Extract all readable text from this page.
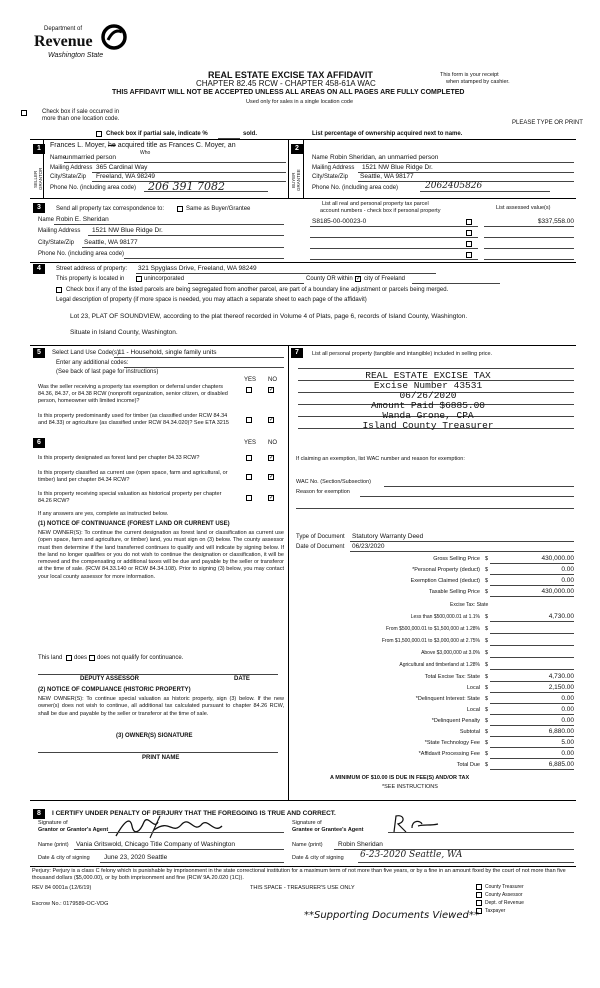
Department of
Revenue
Washington State
REAL ESTATE EXCISE TAX AFFIDAVIT
CHAPTER 82.45 RCW - CHAPTER 458-61A WAC
THIS AFFIDAVIT WILL NOT BE ACCEPTED UNLESS ALL AREAS ON ALL PAGES ARE FULLY COMPLETED
Used only for sales in a single location code
This form is your receipt
when stamped by cashier.
Check box if sale occurred in
more than one location code.
PLEASE TYPE OR PRINT
Check box if partial sale, indicate %	sold.	List percentage of ownership acquired next to name.
1
SELLER GRANTOR
Frances L. Moyer, he acquired title as Frances C. Moyer, an
Name
unmarried person
Who
Mailing Address 365 Cardinal Way
City/State/Zip Freeland, WA 98249
Phone No. (including area code) 206 391 7082
2
BUYER GRANTEE
Name Robin Sheridan, an unmarried person
Mailing Address 1521 NW Blue Ridge Dr.
City/State/Zip Seattle, WA 98177
Phone No. (including area code)	2062405826
3	Send all property tax correspondence to:	Same as Buyer/Grantee
Name Robin E. Sheridan
Mailing Address 1521 NW Blue Ridge Dr.
City/State/Zip Seattle, WA 98177
Phone No. (including area code)
List all real and personal property tax parcel
account numbers - check box if personal property	List assessed value(s)
S8185-00-00023-0	$337,558.00
4	Street address of property: 321 Spyglass Drive, Freeland, WA 98249
This property is located in	unincorporated	County OR within ✓ city of Freeland
Check box if any of the listed parcels are being segregated from another parcel, are part of a boundary line adjustment or parcels being merged.
Legal description of property (if more space is needed, you may attach a separate sheet to each page of the affidavit)
Lot 23, PLAT OF SOUNDVIEW, according to the plat thereof recorded in Volume 4 of Plats, page 6, records of Island County, Washington.
Situate in Island County, Washington.
5	Select Land Use Code(s):
11 - Household, single family units
Enter any additional codes:
(See back of last page for instructions)
YES NO
Was the seller receiving a property tax exemption or deferral under chapters 84.36, 84.37, or 84.38 RCW (nonprofit organization, senior citizen, or disabled person, homeowner with limited income)?
✓
Is this property predominantly used for timber (as classified under RCW 84.34 and 84.33) or agriculture (as classified under RCW 84.34.020)? See ETA 3215	✓
6	YES NO
Is this property designated as forest land per chapter 84.33 RCW?	✓
Is this property classified as current use (open space, farm and agricultural, or timber) land per chapter 84.34 RCW?	✓
Is this property receiving special valuation as historical property per chapter 84.26 RCW?	✓
If any answers are yes, complete as instructed below.
(1) NOTICE OF CONTINUANCE (FOREST LAND OR CURRENT USE)
NEW OWNER(S): To continue the current designation as forest land or classification as current use (open space, farm and agriculture, or timber) land, you must sign on (3) below. The county assessor must then determine if the land transferred continues to qualify and will indicate by signing below. If the land no longer qualifies or you do not wish to continue the designation or classification, it will be removed and the compensating or additional taxes will be due and payable by the seller or transferor at the time of sale. (RCW 84.33.140 or RCW 84.34.108). Prior to signing (3) below, you may contact your local county assessor for more information.
This land does does not qualify for continuance.
DEPUTY ASSESSOR	DATE
(2) NOTICE OF COMPLIANCE (HISTORIC PROPERTY)
NEW OWNER(S): To continue special valuation as historic property, sign (3) below. If the new owner(s) does not wish to continue, all additional tax calculated pursuant to chapter 84.26 RCW, shall be due and payable by the seller or transferor at the time of sale.
(3) OWNER(S) SIGNATURE
PRINT NAME
7	List all personal property (tangible and intangible) included in selling price.
REAL ESTATE EXCISE TAX
Excise Number 43531
06/26/2020
Amount Paid $6885.00
Wanda Grone, CPA
Island County Treasurer
If claiming an exemption, list WAC number and reason for exemption:
WAC No. (Section/Subsection)
Reason for exemption
Type of Document Statutory Warranty Deed
Date of Document 06/23/2020
Gross Selling Price $	430,000.00
*Personal Property (deduct) $	0.00
Exemption Claimed (deduct) $	0.00
Taxable Selling Price $	430,000.00
Excise Tax: State
Less than $500,000.01 at 1.1% $	4,730.00
From $500,000.01 to $1,500,000 at 1.28% $
From $1,500,000.01 to $3,000,000 at 2.75% $
Above $3,000,000 at 3.0% $
Agricultural and timberland at 1.28% $
Total Excise Tax: State $	4,730.00
Local $	2,150.00
*Delinquent Interest: State $	0.00
Local $	0.00
*Delinquent Penalty $	0.00
Subtotal $	6,880.00
*State Technology Fee $	5.00
*Affidavit Processing Fee $	0.00
Total Due $	6,885.00
A MINIMUM OF $10.00 IS DUE IN FEE(S) AND/OR TAX
*SEE INSTRUCTIONS
8	I CERTIFY UNDER PENALTY OF PERJURY THAT THE FOREGOING IS TRUE AND CORRECT.
Signature of
Grantor or Grantor's Agent
Name (print) Vania Gritswold, Chicago Title Company of Washington
Date & city of signing June 23, 2020 Seattle
Signature of
Grantee or Grantee's Agent
Name (print) Robin Sheridan
Date & city of signing 6-23-2020 Seattle, WA
Perjury: Perjury is a class C felony which is punishable by imprisonment in the state correctional institution for a maximum term of not more than five years, or by a fine in an amount fixed by the court of not more than five thousand dollars ($5,000.00), or by both imprisonment and fine (RCW 9A.20.020 (1C)).
REV 84 0001a (12/6/19)	THIS SPACE - TREASURER'S USE ONLY
Escrow No.: 0179589-OC-VDG
County Treasurer
County Assessor
Dept. of Revenue
Taxpayer
**Supporting Documents Viewed**
